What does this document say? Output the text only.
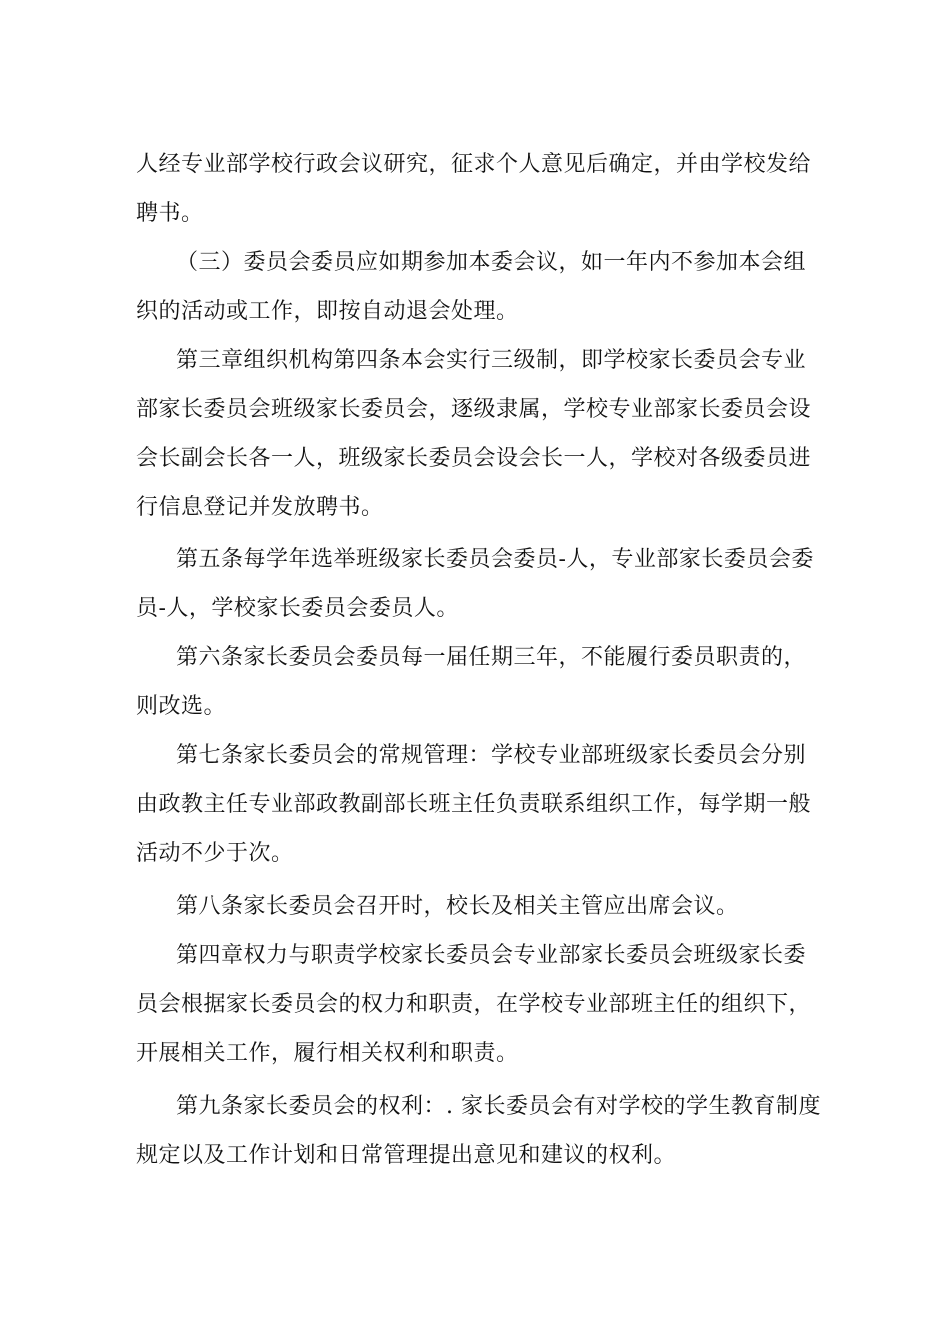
人经专业部学校行政会议研究，征求个人意见后确定，并由学校发给

聘书。

（三）委员会委员应如期参加本委会议，如一年内不参加本会组

织的活动或工作，即按自动退会处理。

第三章组织机构第四条本会实行三级制，即学校家长委员会专业

部家长委员会班级家长委员会，逐级隶属，学校专业部家长委员会设

会长副会长各一人，班级家长委员会设会长一人，学校对各级委员进

行信息登记并发放聘书。

第五条每学年选举班级家长委员会委员-人，专业部家长委员会委

员-人，学校家长委员会委员人。

第六条家长委员会委员每一届任期三年，不能履行委员职责的，

则改选。

第七条家长委员会的常规管理：学校专业部班级家长委员会分别

由政教主任专业部政教副部长班主任负责联系组织工作，每学期一般

活动不少于次。

第八条家长委员会召开时，校长及相关主管应出席会议。

第四章权力与职责学校家长委员会专业部家长委员会班级家长委

员会根据家长委员会的权力和职责，在学校专业部班主任的组织下，

开展相关工作，履行相关权利和职责。

第九条家长委员会的权利：. 家长委员会有对学校的学生教育制度

规定以及工作计划和日常管理提出意见和建议的权利。
